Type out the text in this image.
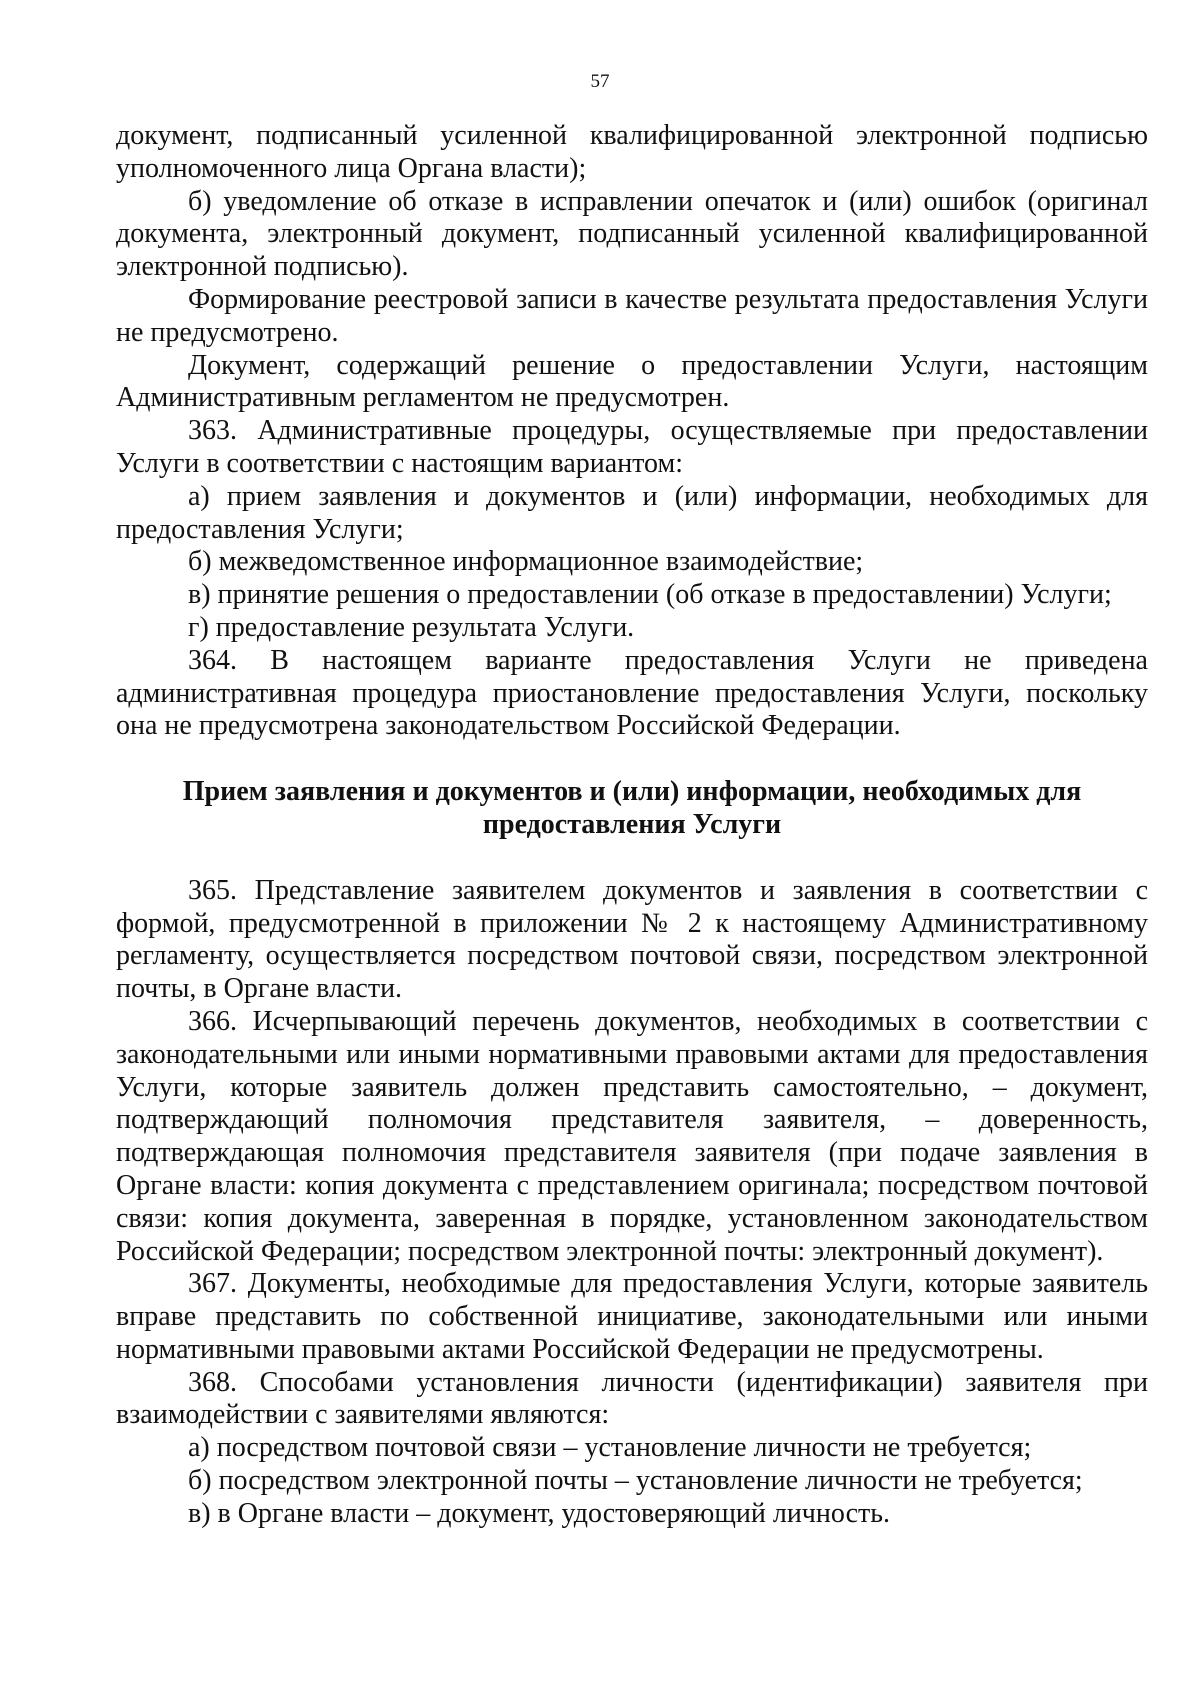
57

документ, подписанный усиленной квалифицированной электронной подписью уполномоченного лица Органа власти);

б) уведомление об отказе в исправлении опечаток и (или) ошибок (оригинал документа, электронный документ, подписанный усиленной квалифицированной электронной подписью).

Формирование реестровой записи в качестве результата предоставления Услуги не предусмотрено.

Документ, содержащий решение о предоставлении Услуги, настоящим Административным регламентом не предусмотрен.

363. Административные процедуры, осуществляемые при предоставлении Услуги в соответствии с настоящим вариантом:

а) прием заявления и документов и (или) информации, необходимых для предоставления Услуги;

б) межведомственное информационное взаимодействие;

в) принятие решения о предоставлении (об отказе в предоставлении) Услуги;

г) предоставление результата Услуги.

364. В настоящем варианте предоставления Услуги не приведена административная процедура приостановление предоставления Услуги, поскольку она не предусмотрена законодательством Российской Федерации.

Прием заявления и документов и (или) информации, необходимых для предоставления Услуги

365. Представление заявителем документов и заявления в соответствии с формой, предусмотренной в приложении № 2 к настоящему Административному регламенту, осуществляется посредством почтовой связи, посредством электронной почты, в Органе власти.

366. Исчерпывающий перечень документов, необходимых в соответствии с законодательными или иными нормативными правовыми актами для предоставления Услуги, которые заявитель должен представить самостоятельно, – документ, подтверждающий полномочия представителя заявителя, – доверенность, подтверждающая полномочия представителя заявителя (при подаче заявления в Органе власти: копия документа с представлением оригинала; посредством почтовой связи: копия документа, заверенная в порядке, установленном законодательством Российской Федерации; посредством электронной почты: электронный документ).

367. Документы, необходимые для предоставления Услуги, которые заявитель вправе представить по собственной инициативе, законодательными или иными нормативными правовыми актами Российской Федерации не предусмотрены.

368. Способами установления личности (идентификации) заявителя при взаимодействии с заявителями являются:

а) посредством почтовой связи – установление личности не требуется;

б) посредством электронной почты – установление личности не требуется;

в) в Органе власти – документ, удостоверяющий личность.
